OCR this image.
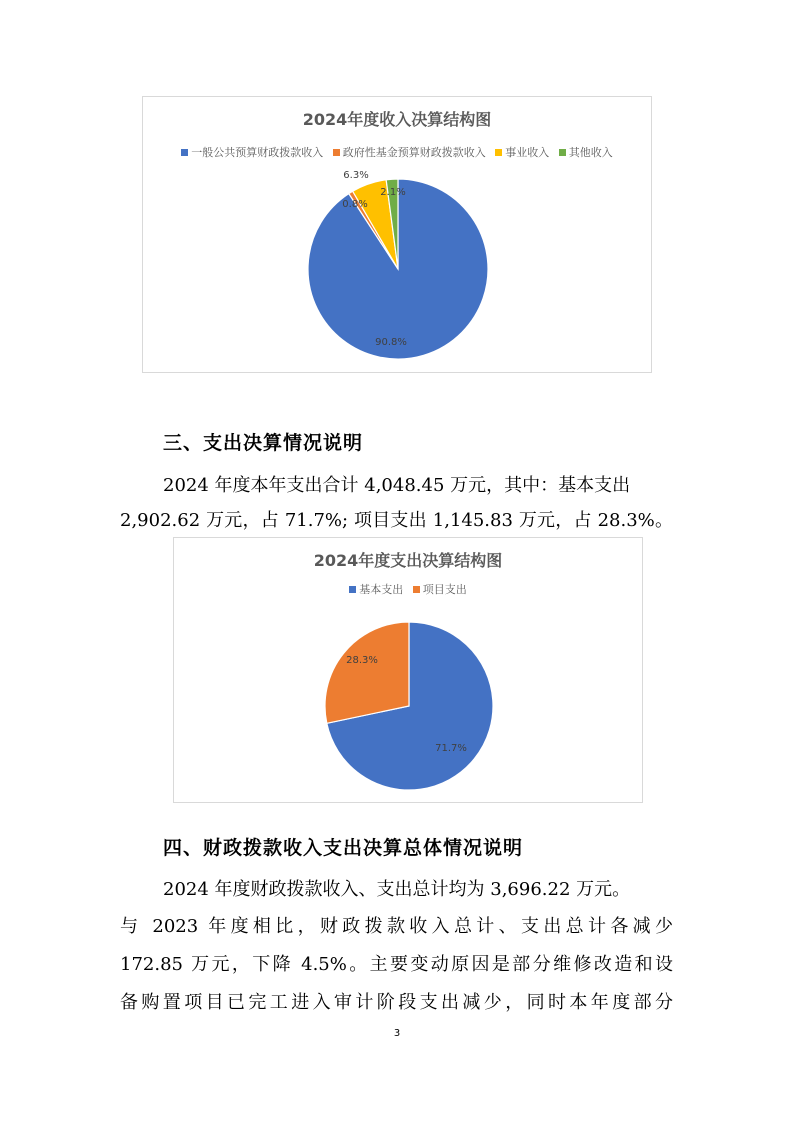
2024年度收入决算结构图
一般公共预算财政拨款收入 政府性基金预算财政拨款收入 事业收入 其他收入
90.8%
0.8%
6.3%
2.1%
三、支出决算情况说明
2024 年度本年支出合计 4,048.45 万元，其中：基本支出
2,902.62 万元，占 71.7%; 项目支出 1,145.83 万元，占 28.3%。
2024年度支出决算结构图
基本支出 项目支出
71.7%
28.3%
四、财政拨款收入支出决算总体情况说明
2024 年度财政拨款收入、支出总计均为 3,696.22 万元。
与 2023 年度相比，财政拨款收入总计、支出总计各减少
172.85 万元，下降 4.5%。主要变动原因是部分维修改造和设
备购置项目已完工进入审计阶段支出减少，同时本年度部分
3
